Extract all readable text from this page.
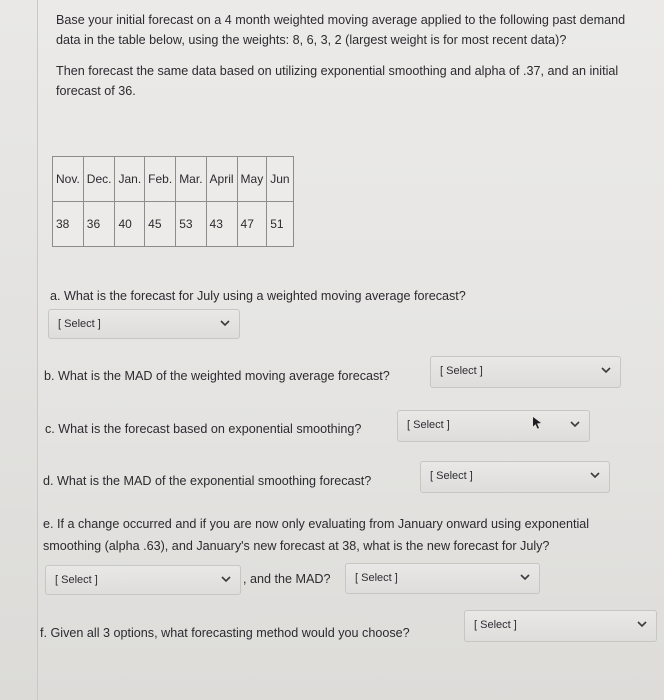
Base your initial forecast on a 4 month weighted moving average applied to the following past demand data in the table below, using the weights: 8, 6, 3, 2 (largest weight is for most recent data)?

Then forecast the same data based on utilizing exponential smoothing and alpha of .37, and an initial forecast of 36.

Nov.	Dec.	Jan.	Feb.	Mar.	April	May	Jun
38	36	40	45	53	43	47	51
a. What is the forecast for July using a weighted moving average forecast?
[ Select ]
b. What is the MAD of the weighted moving average forecast?	[ Select ]
c. What is the forecast based on exponential smoothing?	[ Select ]
d. What is the MAD of the exponential smoothing forecast?	[ Select ]
e. If a change occurred and if you are now only evaluating from January onward using exponential
smoothing (alpha .63), and January's new forecast at 38, what is the new forecast for July?
[ Select ]	, and the MAD? [ Select ]
f. Given all 3 options, what forecasting method would you choose?
[ Select ]
